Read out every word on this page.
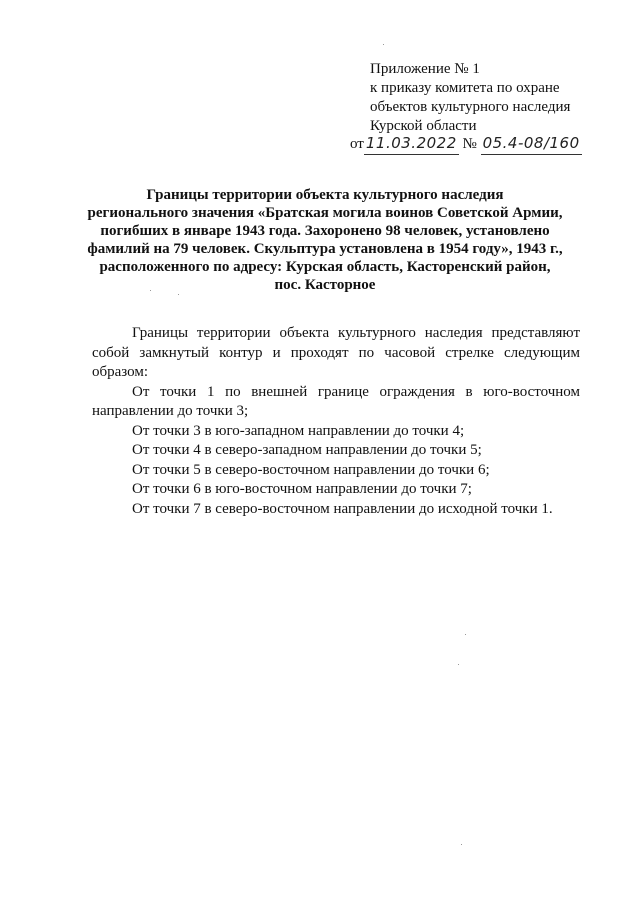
Приложение № 1
к приказу комитета по охране
объектов культурного наследия
Курской области
от 11.03.2022 № 05.4-08/160
Границы территории объекта культурного наследия
регионального значения «Братская могила воинов Советской Армии,
погибших в январе 1943 года. Захоронено 98 человек, установлено
фамилий на 79 человек. Скульптура установлена в 1954 году», 1943 г.,
расположенного по адресу: Курская область, Касторенский район,
пос. Касторное
Границы территории объекта культурного наследия представляют
собой замкнутый контур и проходят по часовой стрелке следующим
образом:
От точки 1 по внешней границе ограждения в юго-восточном
направлении до точки 3;
От точки 3 в юго-западном направлении до точки 4;
От точки 4 в северо-западном направлении до точки 5;
От точки 5 в северо-восточном направлении до точки 6;
От точки 6 в юго-восточном направлении до точки 7;
От точки 7 в северо-восточном направлении до исходной точки 1.
